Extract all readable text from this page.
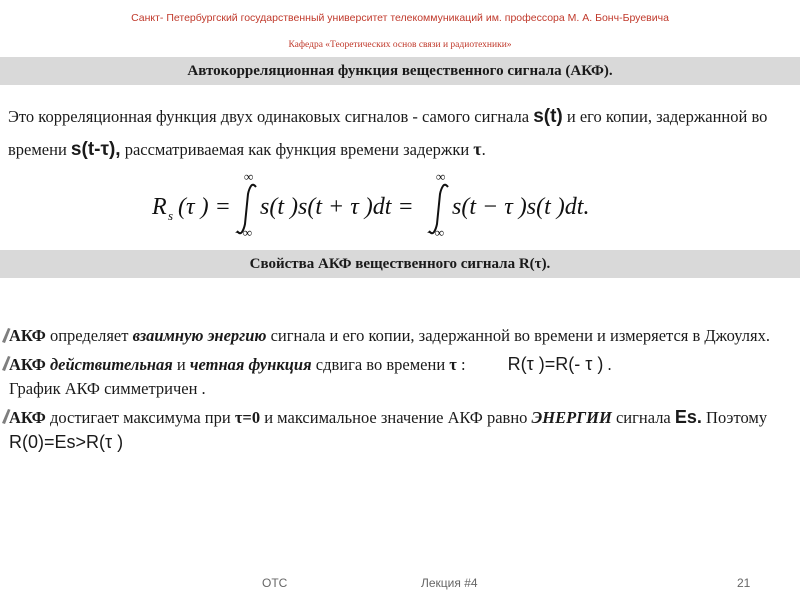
Санкт- Петербургский государственный университет телекоммуникаций им. профессора М. А. Бонч-Бруевича
Кафедра «Теоретических основ связи и радиотехники»
Автокорреляционная функция вещественного сигнала (АКФ).
Это корреляционная функция двух одинаковых сигналов - самого сигнала s(t) и его копии, задержанной во времени s(t-τ), рассматриваемая как функция времени задержки τ.
R s (τ ) = s(t )s(t + τ )dt = s(t − τ )s(t )dt.
∞
−∞
∞
−∞
Свойства АКФ вещественного сигнала R(τ).
АКФ определяет взаимную энергию сигнала и его копии, задержанной во времени и измеряется в Джоулях.
АКФ действительная и четная функция сдвига во времени τ : R(τ )=R(- τ ) .
График АКФ симметричен .
АКФ достигает максимума при τ=0 и максимальное значение АКФ равно ЭНЕРГИИ сигнала Es. Поэтому R(0)=Es>R(τ )
ОТС	Лекция #4	21
